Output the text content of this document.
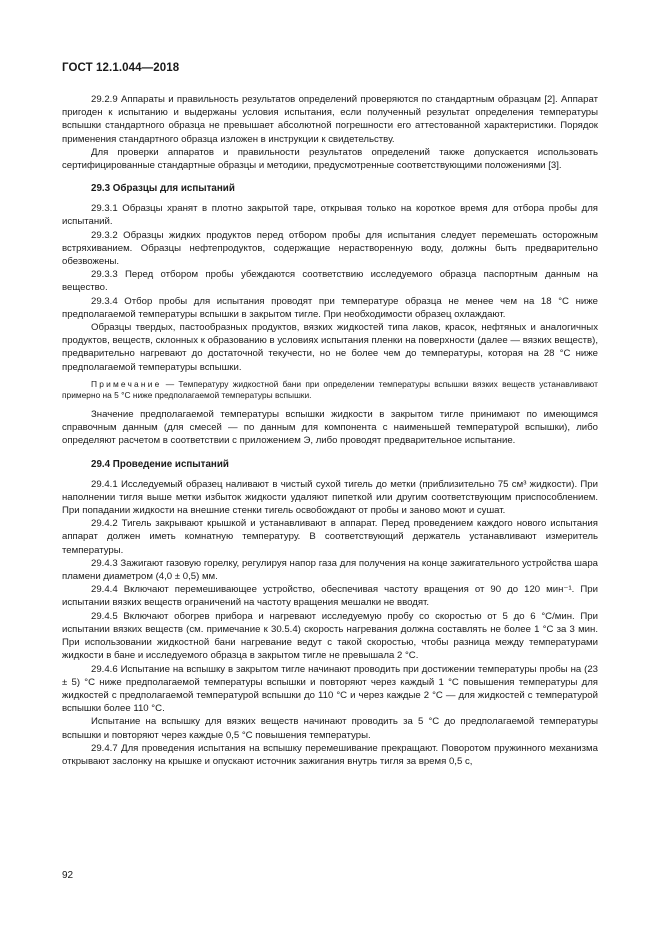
ГОСТ 12.1.044—2018

29.2.9 Аппараты и правильность результатов определений проверяются по стандартным образцам [2]. Аппарат пригоден к испытанию и выдержаны условия испытания, если полученный результат определения температуры вспышки стандартного образца не превышает абсолютной погрешности его аттестованной характеристики. Порядок применения стандартного образца изложен в инструкции к свидетельству.

Для проверки аппаратов и правильности результатов определений также допускается использовать сертифицированные стандартные образцы и методики, предусмотренные соответствующими положениями [3].

29.3 Образцы для испытаний

29.3.1 Образцы хранят в плотно закрытой таре, открывая только на короткое время для отбора пробы для испытаний.

29.3.2 Образцы жидких продуктов перед отбором пробы для испытания следует перемешать осторожным встряхиванием. Образцы нефтепродуктов, содержащие нерастворенную воду, должны быть предварительно обезвожены.

29.3.3 Перед отбором пробы убеждаются соответствию исследуемого образца паспортным данным на вещество.

29.3.4 Отбор пробы для испытания проводят при температуре образца не менее чем на 18 °С ниже предполагаемой температуры вспышки в закрытом тигле. При необходимости образец охлаждают.

Образцы твердых, пастообразных продуктов, вязких жидкостей типа лаков, красок, нефтяных и аналогичных продуктов, веществ, склонных к образованию в условиях испытания пленки на поверхности (далее — вязких веществ), предварительно нагревают до достаточной текучести, но не более чем до температуры, которая на 28 °С ниже предполагаемой температуры вспышки.

Примечание — Температуру жидкостной бани при определении температуры вспышки вязких веществ устанавливают примерно на 5 °С ниже предполагаемой температуры вспышки.

Значение предполагаемой температуры вспышки жидкости в закрытом тигле принимают по имеющимся справочным данным (для смесей — по данным для компонента с наименьшей температурой вспышки), либо определяют расчетом в соответствии с приложением Э, либо проводят предварительное испытание.

29.4 Проведение испытаний

29.4.1 Исследуемый образец наливают в чистый сухой тигель до метки (приблизительно 75 см³ жидкости). При наполнении тигля выше метки избыток жидкости удаляют пипеткой или другим соответствующим приспособлением. При попадании жидкости на внешние стенки тигель освобождают от пробы и заново моют и сушат.

29.4.2 Тигель закрывают крышкой и устанавливают в аппарат. Перед проведением каждого нового испытания аппарат должен иметь комнатную температуру. В соответствующий держатель устанавливают измеритель температуры.

29.4.3 Зажигают газовую горелку, регулируя напор газа для получения на конце зажигательного устройства шара пламени диаметром (4,0 ± 0,5) мм.

29.4.4 Включают перемешивающее устройство, обеспечивая частоту вращения от 90 до 120 мин⁻¹. При испытании вязких веществ ограничений на частоту вращения мешалки не вводят.

29.4.5 Включают обогрев прибора и нагревают исследуемую пробу со скоростью от 5 до 6 °С/мин. При испытании вязких веществ (см. примечание к 30.5.4) скорость нагревания должна составлять не более 1 °С за 3 мин. При использовании жидкостной бани нагревание ведут с такой скоростью, чтобы разница между температурами жидкости в бане и исследуемого образца в закрытом тигле не превышала 2 °С.

29.4.6 Испытание на вспышку в закрытом тигле начинают проводить при достижении температуры пробы на (23 ± 5) °С ниже предполагаемой температуры вспышки и повторяют через каждый 1 °С повышения температуры для жидкостей с предполагаемой температурой вспышки до 110 °С и через каждые 2 °С — для жидкостей с температурой вспышки более 110 °С.

Испытание на вспышку для вязких веществ начинают проводить за 5 °С до предполагаемой температуры вспышки и повторяют через каждые 0,5 °С повышения температуры.

29.4.7 Для проведения испытания на вспышку перемешивание прекращают. Поворотом пружинного механизма открывают заслонку на крышке и опускают источник зажигания внутрь тигля за время 0,5 с,

92
